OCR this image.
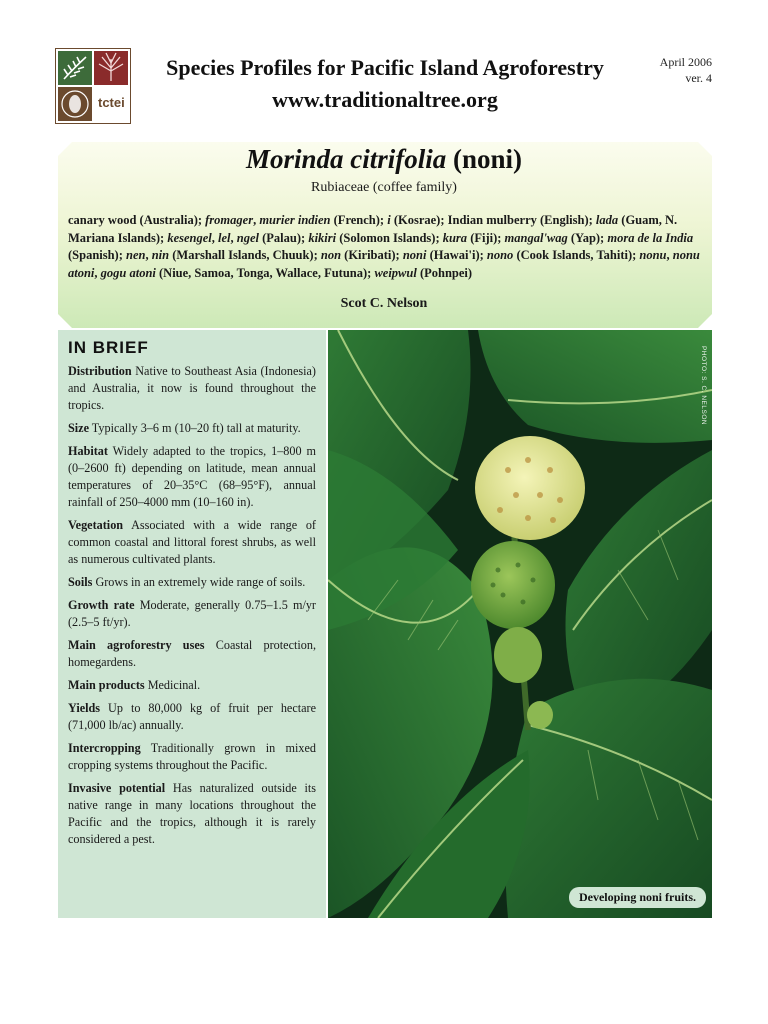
tctei
Species Profiles for Pacific Island Agroforestry
www.traditionaltree.org
April 2006
ver. 4
Morinda citrifolia (noni)
Rubiaceae (coffee family)
canary wood (Australia); fromager, murier indien (French); i (Kosrae); Indian mulberry (English); lada (Guam, N. Mariana Islands); kesengel, lel, ngel (Palau); kikiri (Solomon Islands); kura (Fiji); mangal'wag (Yap); mora de la India (Spanish); nen, nin (Marshall Islands, Chuuk); non (Kiribati); noni (Hawai'i); nono (Cook Islands, Tahiti); nonu, nonu atoni, gogu atoni (Niue, Samoa, Tonga, Wallace, Futuna); weipwul (Pohnpei)
Scot C. Nelson
IN BRIEF

Distribution Native to Southeast Asia (Indonesia) and Australia, it now is found throughout the tropics.

Size Typically 3–6 m (10–20 ft) tall at maturity.

Habitat Widely adapted to the tropics, 1–800 m (0–2600 ft) depending on latitude, mean annual temperatures of 20–35°C (68–95°F), annual rainfall of 250–4000 mm (10–160 in).

Vegetation Associated with a wide range of common coastal and littoral forest shrubs, as well as numerous cultivated plants.

Soils Grows in an extremely wide range of soils.

Growth rate Moderate, generally 0.75–1.5 m/yr (2.5–5 ft/yr).

Main agroforestry uses Coastal protection, homegardens.

Main products Medicinal.

Yields Up to 80,000 kg of fruit per hectare (71,000 lb/ac) annually.

Intercropping Traditionally grown in mixed cropping systems throughout the Pacific.

Invasive potential Has naturalized outside its native range in many locations throughout the Pacific and the tropics, although it is rarely considered a pest.

PHOTO: S. C. NELSON
Developing noni fruits.
